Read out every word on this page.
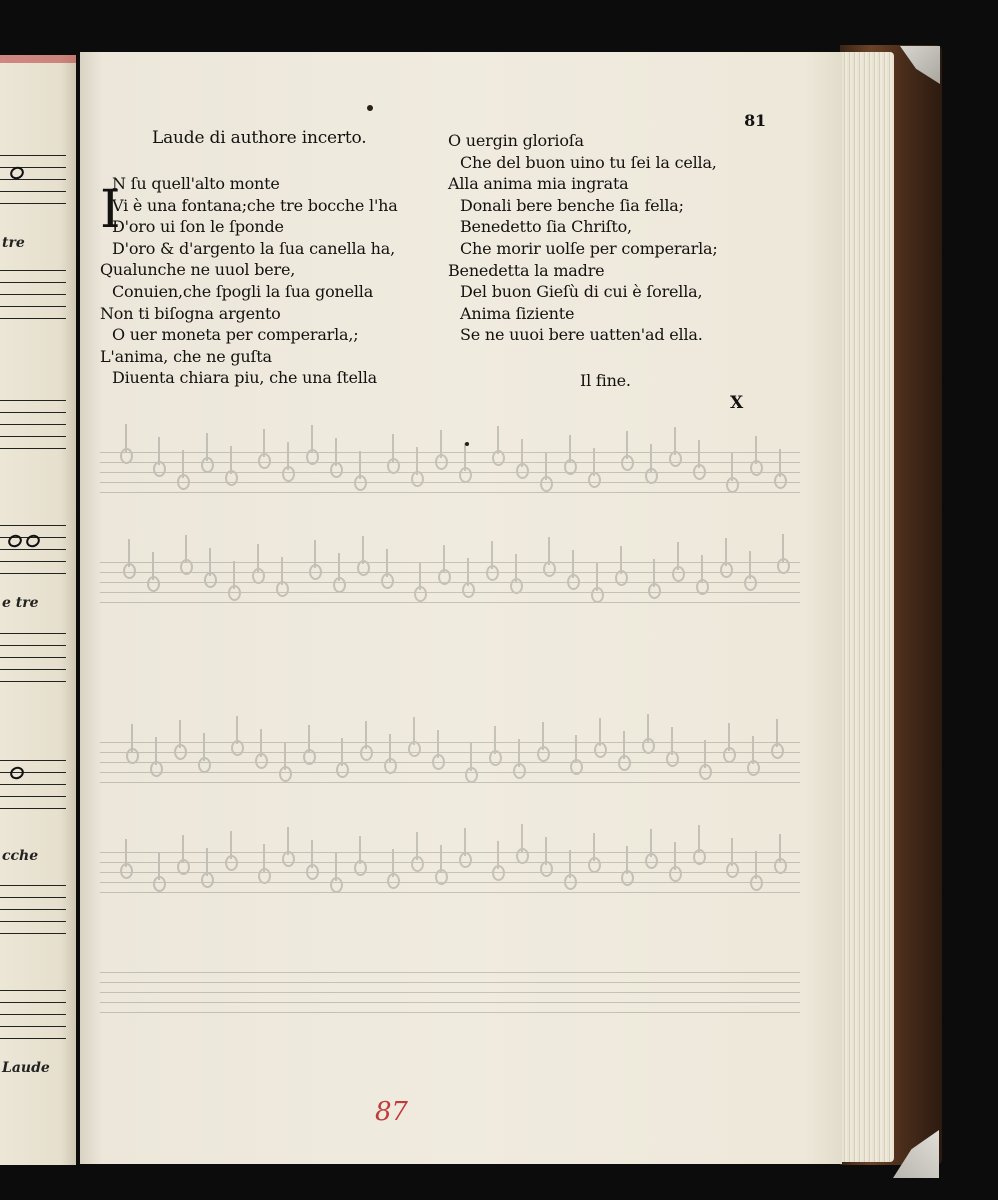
tre
e tre
cche
Laude
81
Laude di authore incerto.
I
N ſu quell'alto monte
Vi è una fontana;che tre bocche l'ha
D'oro ui ſon le ſponde
D'oro & d'argento la ſua canella ha,
Qualunche ne uuol bere,
Conuien,che ſpogli la ſua gonella
Non ti biſogna argento
O uer moneta per comperarla,;
L'anima, che ne guſta
Diuenta chiara piu, che una ſtella
O uergin glorioſa
Che del buon uino tu ſei la cella,
Alla anima mia ingrata
Donali bere benche ſia fella;
Benedetto ſia Chriſto,
Che morir uolſe per comperarla;
Benedetta la madre
Del buon Gieſù di cui è ſorella,
Anima ſiziente
Se ne uuoi bere uatten'ad ella.
Il fine.
X
87
